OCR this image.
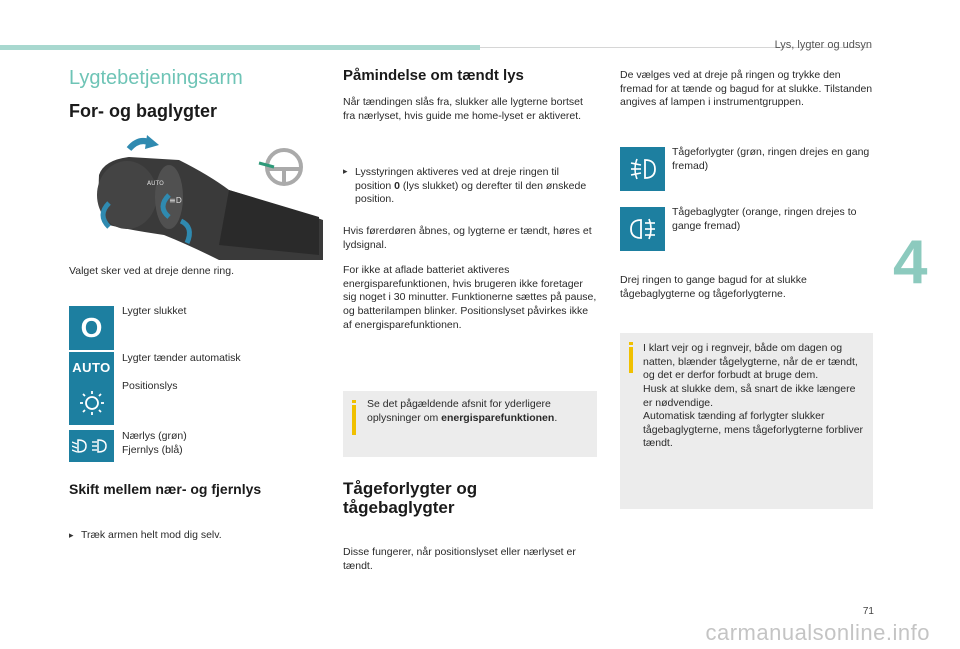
Lys, lygter og udsyn
4
71
carmanualsonline.info
Lygtebetjeningsarm
For- og baglygter
AUTO
≡D
Valget sker ved at dreje denne ring.
O
Lygter slukket
AUTO
Lygter tænder automatisk
Positionslys
Nærlys (grøn)
Fjernlys (blå)
Skift mellem nær- og fjernlys
▸ Træk armen helt mod dig selv.
Påmindelse om tændt lys
Når tændingen slås fra, slukker alle lygterne bortset fra nærlyset, hvis guide me home-lyset er aktiveret.
▸ Lysstyringen aktiveres ved at dreje ringen til position 0 (lys slukket) og derefter til den ønskede position.
Hvis førerdøren åbnes, og lygterne er tændt, høres et lydsignal.
For ikke at aflade batteriet aktiveres energisparefunktionen, hvis brugeren ikke foretager sig noget i 30 minutter. Funktionerne sættes på pause, og batterilampen blinker. Positionslyset påvirkes ikke af energisparefunktionen.
Se det pågældende afsnit for yderligere oplysninger om energisparefunktionen.
Tågeforlygter og
tågebaglygter
Disse fungerer, når positionslyset eller nærlyset er tændt.
De vælges ved at dreje på ringen og trykke den fremad for at tænde og bagud for at slukke. Tilstanden angives af lampen i instrumentgruppen.
Tågeforlygter (grøn, ringen drejes en gang fremad)
Tågebaglygter (orange, ringen drejes to gange fremad)
Drej ringen to gange bagud for at slukke tågebaglygterne og tågeforlygterne.
I klart vejr og i regnvejr, både om dagen og natten, blænder tågelygterne, når de er tændt, og det er derfor forbudt at bruge dem.
Husk at slukke dem, så snart de ikke længere er nødvendige.
Automatisk tænding af forlygter slukker tågebaglygterne, mens tågeforlygterne forbliver tændt.
